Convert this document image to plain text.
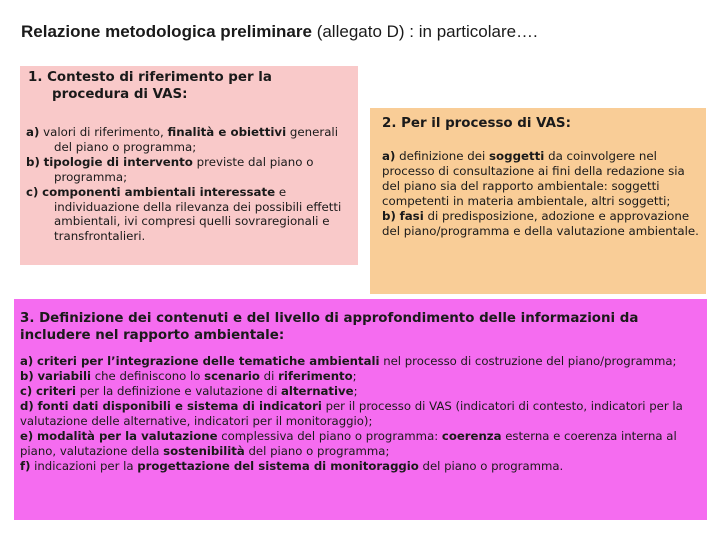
Relazione metodologica preliminare (allegato D) : in particolare….
1. Contesto di riferimento per la
procedura di VAS:
a) valori di riferimento, finalità e obiettivi generali del piano o programma;
b) tipologie di intervento previste dal piano o programma;
c) componenti ambientali interessate e individuazione della rilevanza dei possibili effetti ambientali, ivi compresi quelli sovraregionali e transfrontalieri.
2. Per il processo di VAS:
a) definizione dei soggetti da coinvolgere nel processo di consultazione ai fini della redazione sia del piano sia del rapporto ambientale: soggetti competenti in materia ambientale, altri soggetti;
b) fasi di predisposizione, adozione e approvazione del piano/programma e della valutazione ambientale.
3. Definizione dei contenuti e del livello di approfondimento delle informazioni da includere nel rapporto ambientale:
a) criteri per l’integrazione delle tematiche ambientali nel processo di costruzione del piano/programma;
b) variabili che definiscono lo scenario di riferimento;
c) criteri per la definizione e valutazione di alternative;
d) fonti dati disponibili e sistema di indicatori per il processo di VAS (indicatori di contesto, indicatori per la valutazione delle alternative, indicatori per il monitoraggio);
e) modalità per la valutazione complessiva del piano o programma: coerenza esterna e coerenza interna al piano, valutazione della sostenibilità del piano o programma;
f) indicazioni per la progettazione del sistema di monitoraggio del piano o programma.
